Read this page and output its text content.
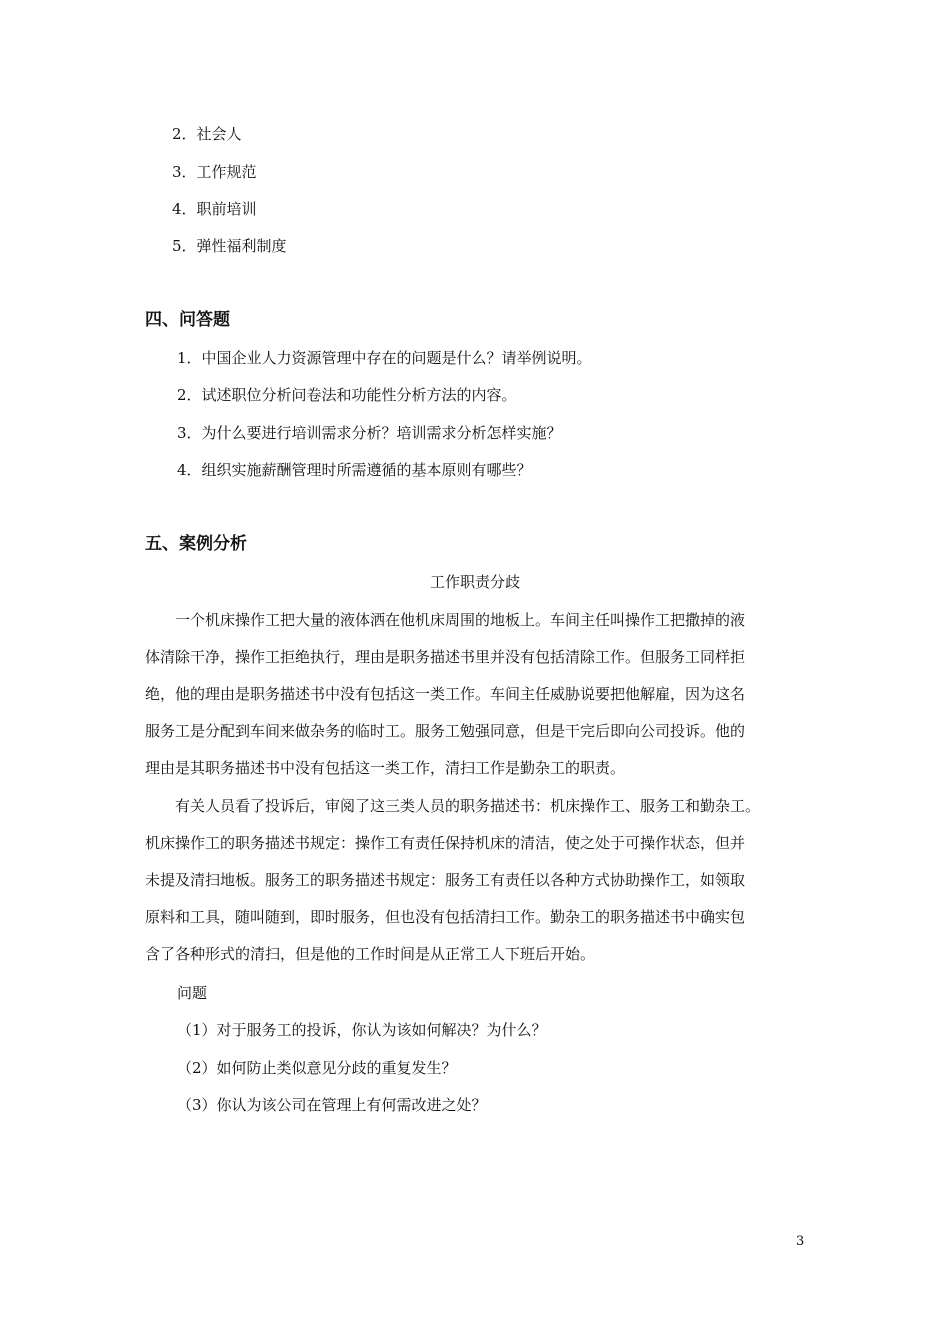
2．社会人
3．工作规范
4．职前培训
5．弹性福利制度
四、问答题
1．中国企业人力资源管理中存在的问题是什么？请举例说明。
2．试述职位分析问卷法和功能性分析方法的内容。
3．为什么要进行培训需求分析？培训需求分析怎样实施？
4．组织实施薪酬管理时所需遵循的基本原则有哪些？
五、案例分析
工作职责分歧
一个机床操作工把大量的液体洒在他机床周围的地板上。车间主任叫操作工把撒掉的液
体清除干净，操作工拒绝执行，理由是职务描述书里并没有包括清除工作。但服务工同样拒
绝，他的理由是职务描述书中没有包括这一类工作。车间主任威胁说要把他解雇，因为这名
服务工是分配到车间来做杂务的临时工。服务工勉强同意，但是干完后即向公司投诉。他的
理由是其职务描述书中没有包括这一类工作，清扫工作是勤杂工的职责。
有关人员看了投诉后，审阅了这三类人员的职务描述书：机床操作工、服务工和勤杂工。
机床操作工的职务描述书规定：操作工有责任保持机床的清洁，使之处于可操作状态，但并
未提及清扫地板。服务工的职务描述书规定：服务工有责任以各种方式协助操作工，如领取
原料和工具，随叫随到，即时服务，但也没有包括清扫工作。勤杂工的职务描述书中确实包
含了各种形式的清扫，但是他的工作时间是从正常工人下班后开始。
问题
（1）对于服务工的投诉，你认为该如何解决？为什么？
（2）如何防止类似意见分歧的重复发生？
（3）你认为该公司在管理上有何需改进之处？
3
